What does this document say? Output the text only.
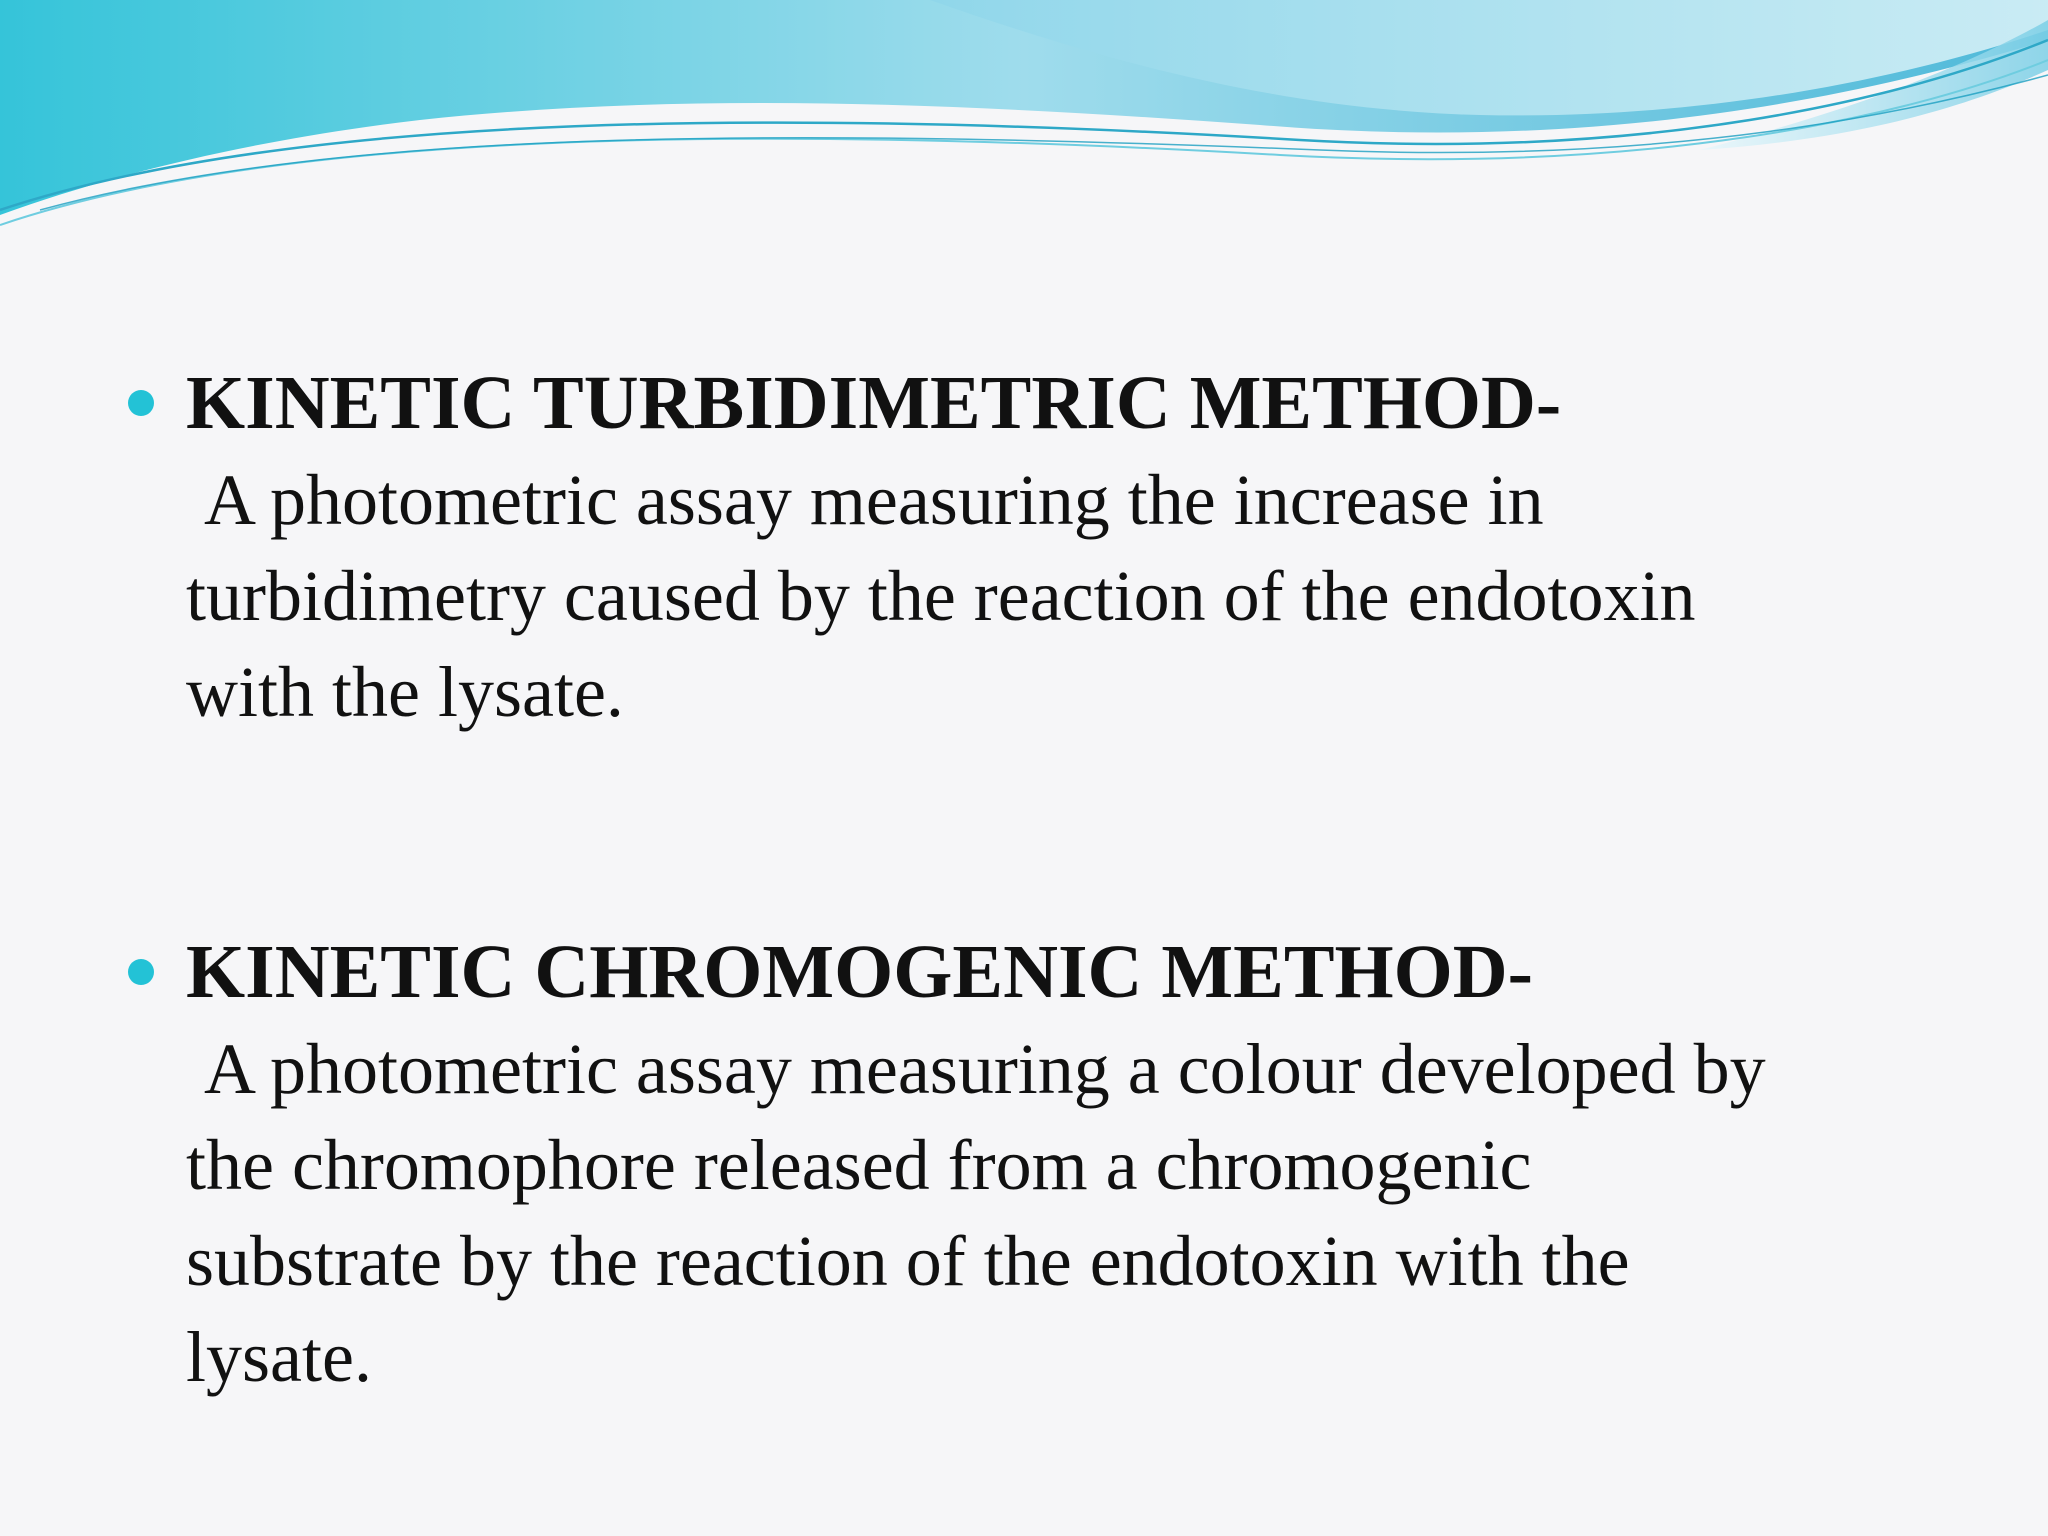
KINETIC TURBIDIMETRIC METHOD-
A photometric assay measuring the increase in
turbidimetry caused by the reaction of the endotoxin
with the lysate.
KINETIC CHROMOGENIC METHOD-
A photometric assay measuring a colour developed by
the chromophore released from a chromogenic
substrate by the reaction of the endotoxin with the
lysate.
